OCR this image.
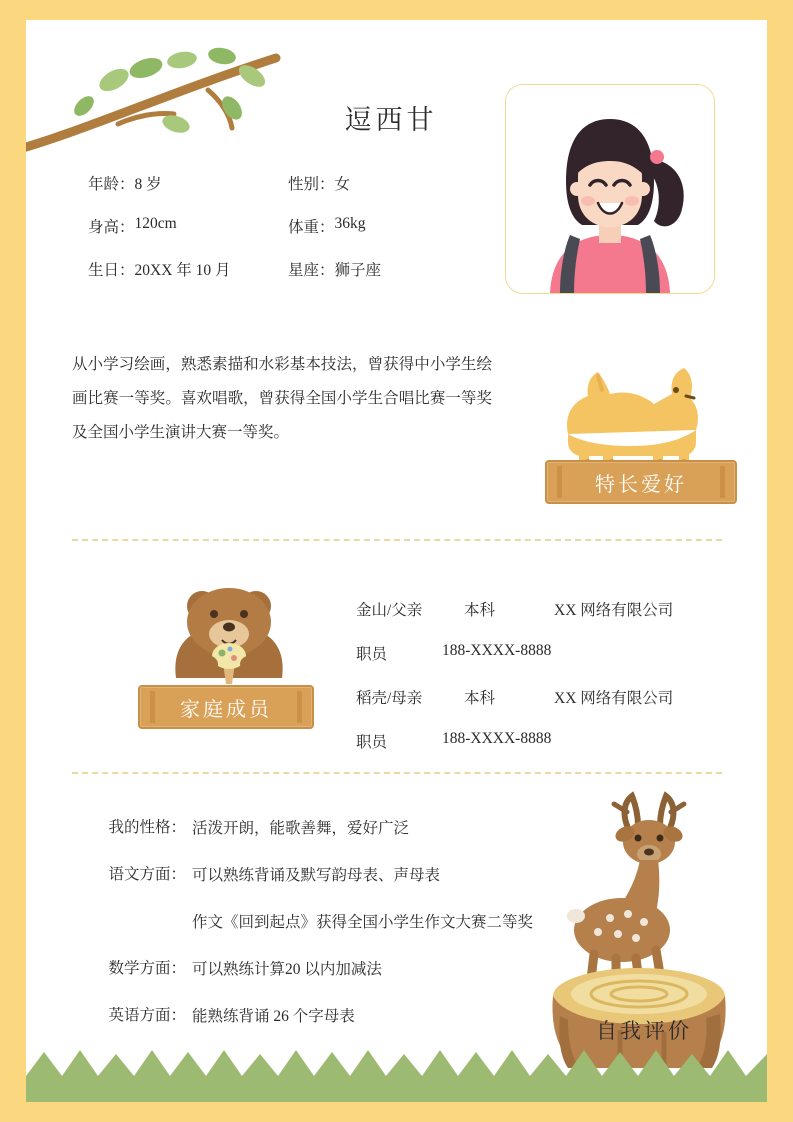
逗西甘
年龄： 8 岁	性别： 女
身高： 120cm	体重： 36kg
生日： 20XX 年 10 月	星座： 狮子座
从小学习绘画，熟悉素描和水彩基本技法，曾获得中小学生绘画比赛一等奖。喜欢唱歌，曾获得全国小学生合唱比赛一等奖及全国小学生演讲大赛一等奖。
特长爱好
家庭成员
金山/父亲	本科	XX 网络有限公司
职员	188-XXXX-8888
稻壳/母亲	本科	XX 网络有限公司
职员	188-XXXX-8888
我的性格： 活泼开朗，能歌善舞，爱好广泛
语文方面： 可以熟练背诵及默写韵母表、声母表
作文《回到起点》获得全国小学生作文大赛二等奖
数学方面： 可以熟练计算20 以内加减法
英语方面： 能熟练背诵 26 个字母表
自我评价
